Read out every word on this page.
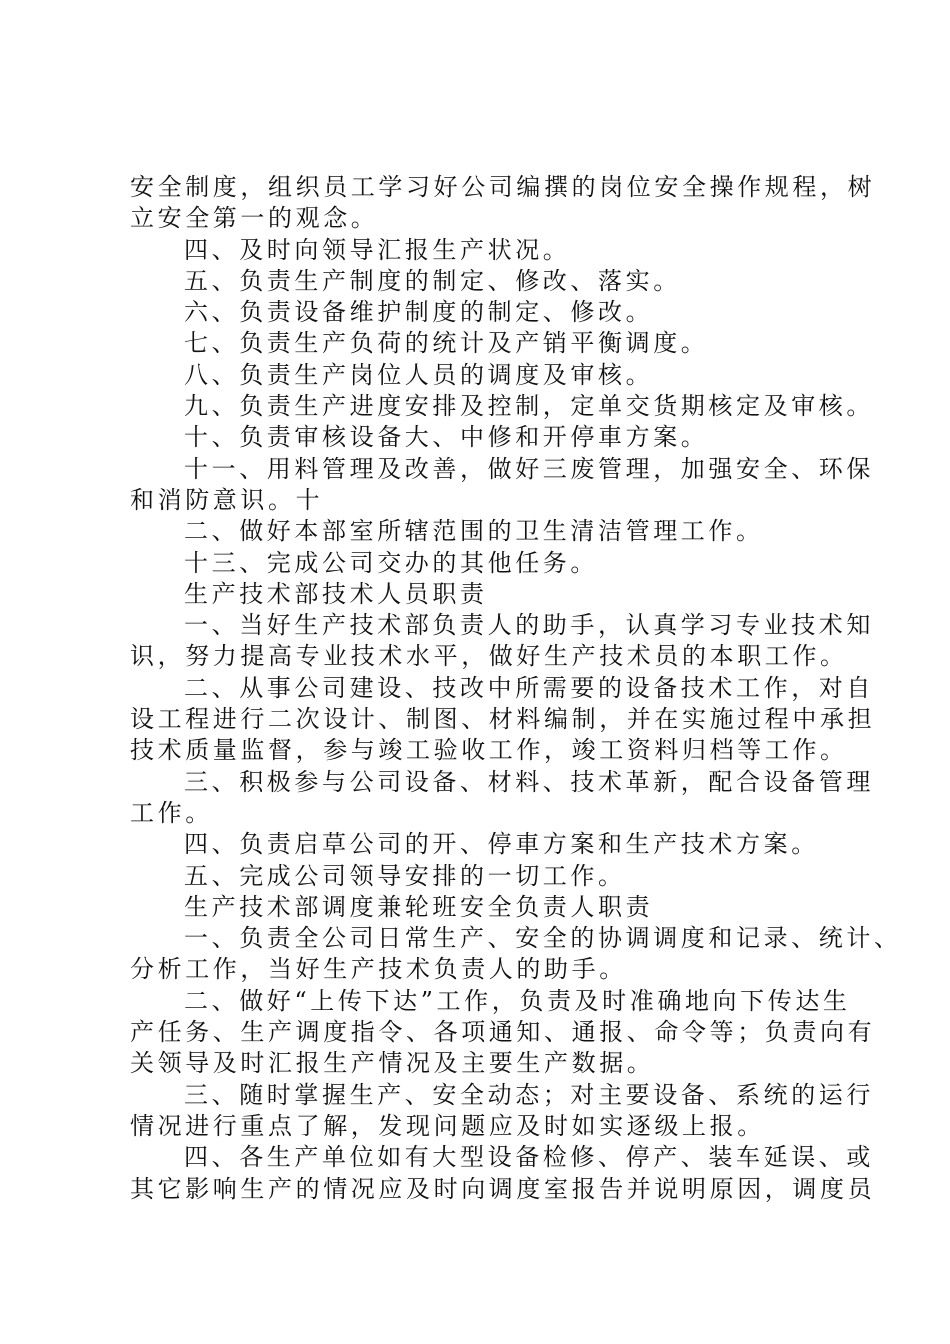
安全制度，组织员工学习好公司编撰的岗位安全操作规程，树
立安全第一的观念。
四、及时向领导汇报生产状况。
五、负责生产制度的制定、修改、落实。
六、负责设备维护制度的制定、修改。
七、负责生产负荷的统计及产销平衡调度。
八、负责生产岗位人员的调度及审核。
九、负责生产进度安排及控制，定单交货期核定及审核。
十、负责审核设备大、中修和开停車方案。
十一、用料管理及改善，做好三废管理，加强安全、环保
和消防意识。十
二、做好本部室所辖范围的卫生清洁管理工作。
十三、完成公司交办的其他任务。
生产技术部技术人员职责
一、当好生产技术部负责人的助手，认真学习专业技术知
识，努力提高专业技术水平，做好生产技术员的本职工作。
二、从事公司建设、技改中所需要的设备技术工作，对自
设工程进行二次设计、制图、材料编制，并在实施过程中承担
技术质量监督，参与竣工验收工作，竣工资料归档等工作。
三、积极参与公司设备、材料、技术革新，配合设备管理
工作。
四、负责启草公司的开、停車方案和生产技术方案。
五、完成公司领导安排的一切工作。
生产技术部调度兼轮班安全负责人职责
一、负责全公司日常生产、安全的协调调度和记录、统计、
分析工作，当好生产技术负责人的助手。
二、做好“上传下达”工作，负责及时准确地向下传达生
产任务、生产调度指令、各项通知、通报、命令等；负责向有
关领导及时汇报生产情况及主要生产数据。
三、随时掌握生产、安全动态；对主要设备、系统的运行
情况进行重点了解，发现问题应及时如实逐级上报。
四、各生产单位如有大型设备检修、停产、装车延误、或
其它影响生产的情况应及时向调度室报告并说明原因，调度员
